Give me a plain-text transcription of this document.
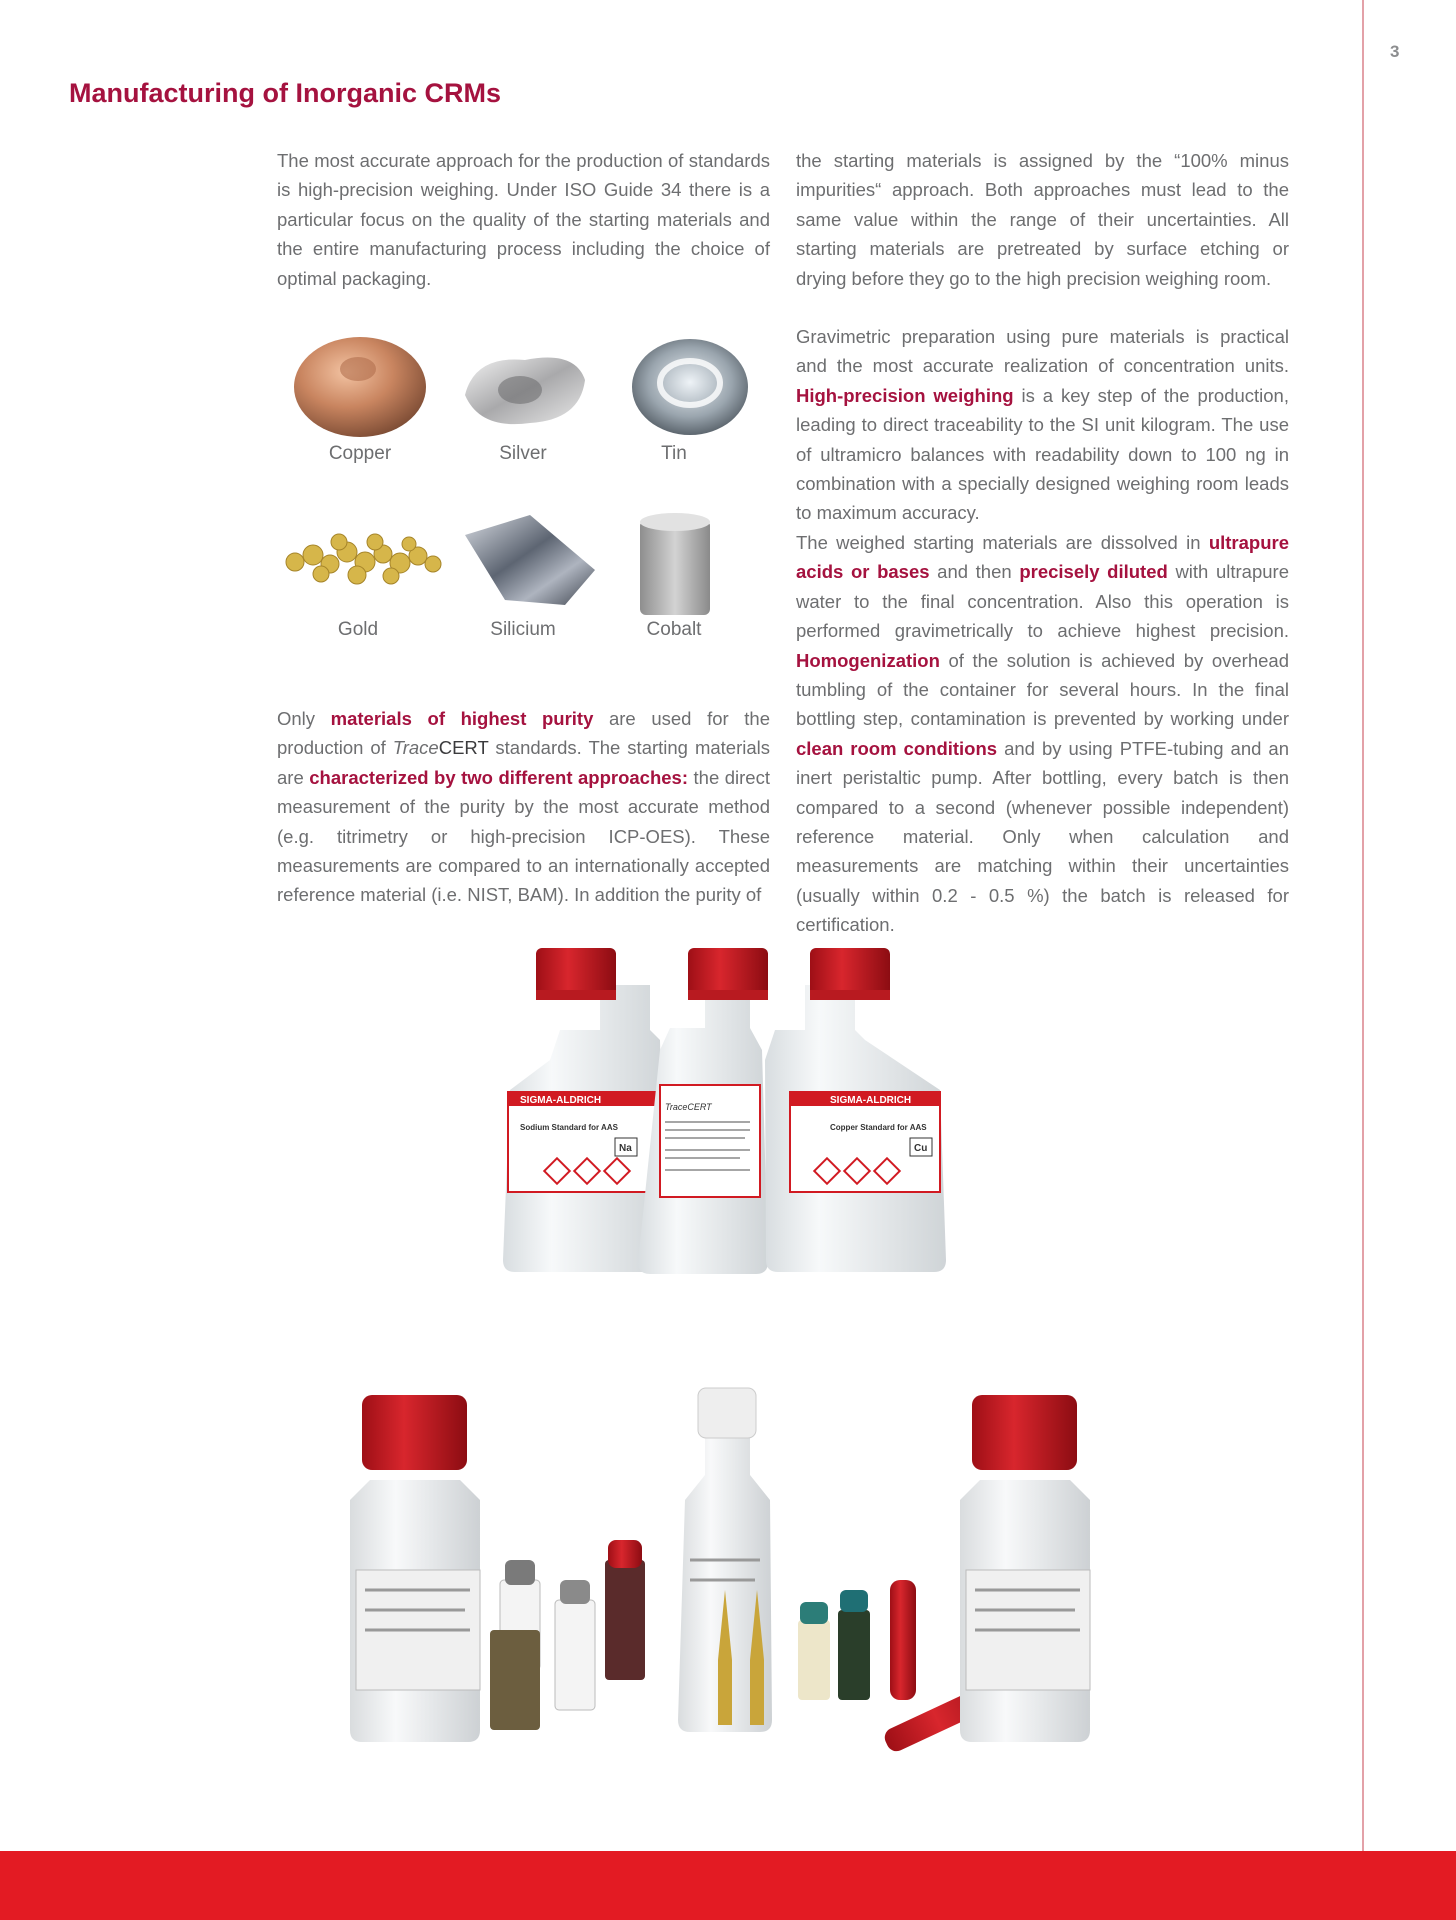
3
Manufacturing of Inorganic CRMs

The most accurate approach for the production of standards is high-precision weighing. Under ISO Guide 34 there is a particular focus on the quality of the starting materials and the entire manufacturing process including the choice of optimal packaging.

Copper	Silver	Tin
Gold	Silicium	Cobalt

Only materials of highest purity are used for the production of TraceCERT standards. The starting materials are characterized by two different approaches: the direct measurement of the purity by the most accurate method (e.g. titrimetry or high-precision ICP-OES). These measurements are compared to an internationally accepted reference material (i.e. NIST, BAM). In addition the purity of

the starting materials is assigned by the “100% minus impurities“ approach. Both approaches must lead to the same value within the range of their uncertainties. All starting materials are pretreated by surface etching or drying before they go to the high precision weighing room.

Gravimetric preparation using pure materials is practical and the most accurate realization of concentration units. High-precision weighing is a key step of the production, leading to direct traceability to the SI unit kilogram. The use of ultramicro balances with readability down to 100 ng in combination with a specially designed weighing room leads to maximum accuracy.

The weighed starting materials are dissolved in ultrapure acids or bases and then precisely diluted with ultrapure water to the final concentration. Also this operation is performed gravimetrically to achieve highest precision. Homogenization of the solution is achieved by overhead tumbling of the container for several hours. In the final bottling step, contamination is prevented by working under clean room conditions and by using PTFE-tubing and an inert peristaltic pump. After bottling, every batch is then compared to a second (whenever possible independent) reference material. Only when calculation and measurements are matching within their uncertainties (usually within 0.2 - 0.5 %) the batch is released for certification.

SIGMA-ALDRICH
Sodium Standard for AAS
Na
TraceCERT
SIGMA-ALDRICH
Copper Standard for AAS
Cu
